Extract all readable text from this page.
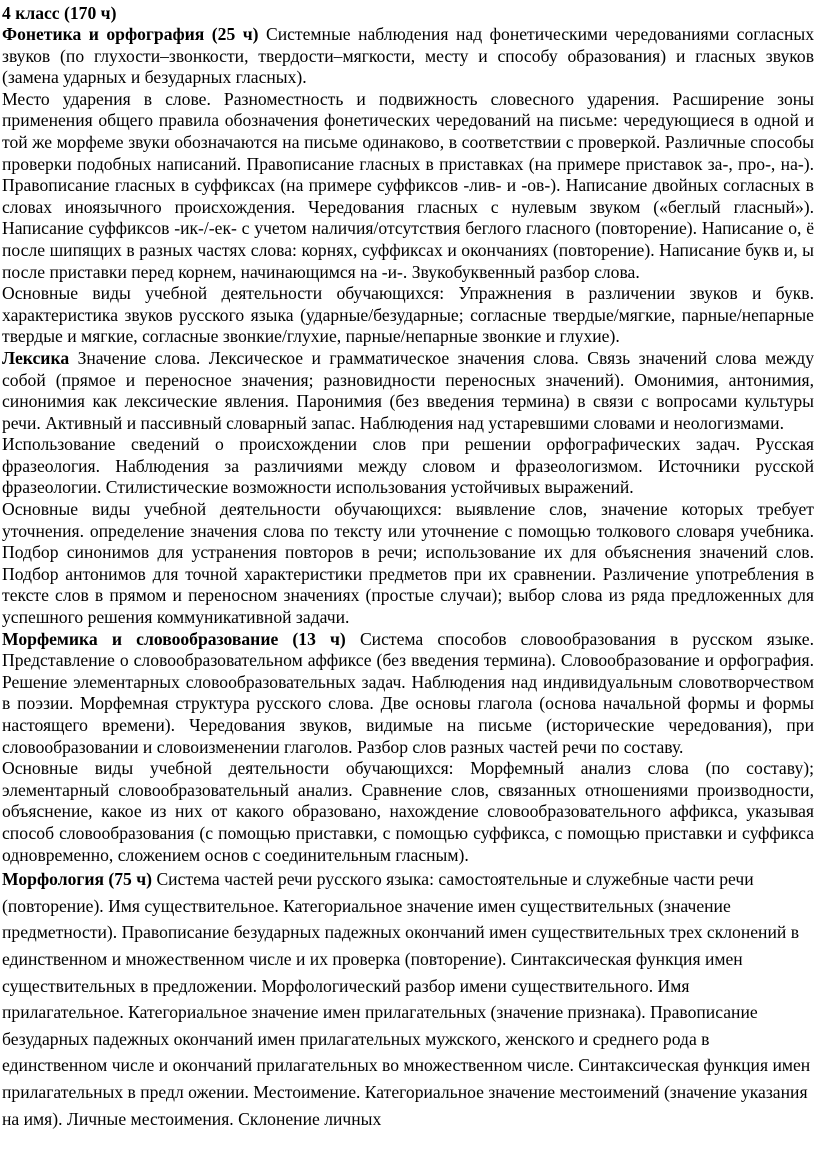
4 класс (170 ч)

Фонетика и орфография (25 ч) Системные наблюдения над фонетическими чередованиями согласных звуков (по глухости–звонкости, твердости–мягкости, месту и способу образования) и гласных звуков (замена ударных и безударных гласных).

Место ударения в слове. Разноместность и подвижность словесного ударения. Расширение зоны применения общего правила обозначения фонетических чередований на письме: чередующиеся в одной и той же морфеме звуки обозначаются на письме одинаково, в соответствии с проверкой. Различные способы проверки подобных написаний. Правописание гласных в приставках (на примере приставок за-, про-, на-). Правописание гласных в суффиксах (на примере суффиксов -лив- и -ов-). Написание двойных согласных в словах иноязычного происхождения. Чередования гласных с нулевым звуком («беглый гласный»). Написание суффиксов -ик-/-ек- с учетом наличия/отсутствия беглого гласного (повторение). Написание о, ё после шипящих в разных частях слова: корнях, суффиксах и окончаниях (повторение). Написание букв и, ы после приставки перед корнем, начинающимся на -и-. Звукобуквенный разбор слова.

Основные виды учебной деятельности обучающихся: Упражнения в различении звуков и букв. характеристика звуков русского языка (ударные/безударные; согласные твердые/мягкие, парные/непарные твердые и мягкие, согласные звонкие/глухие, парные/непарные звонкие и глухие).

Лексика Значение слова. Лексическое и грамматическое значения слова. Связь значений слова между собой (прямое и переносное значения; разновидности переносных значений). Омонимия, антонимия, синонимия как лексические явления. Паронимия (без введения термина) в связи с вопросами культуры речи. Активный и пассивный словарный запас. Наблюдения над устаревшими словами и неологизмами.

Использование сведений о происхождении слов при решении орфографических задач. Русская фразеология. Наблюдения за различиями между словом и фразеологизмом. Источники русской фразеологии. Стилистические возможности использования устойчивых выражений.

Основные виды учебной деятельности обучающихся: выявление слов, значение которых требует уточнения. определение значения слова по тексту или уточнение с помощью толкового словаря учебника. Подбор синонимов для устранения повторов в речи; использование их для объяснения значений слов. Подбор антонимов для точной характеристики предметов при их сравнении. Различение употребления в тексте слов в прямом и переносном значениях (простые случаи); выбор слова из ряда предложенных для успешного решения коммуникативной задачи.

Морфемика и словообразование (13 ч) Система способов словообразования в русском языке. Представление о словообразовательном аффиксе (без введения термина). Словообразование и орфография. Решение элементарных словообразовательных задач. Наблюдения над индивидуальным словотворчеством в поэзии. Морфемная структура русского слова. Две основы глагола (основа начальной формы и формы настоящего времени). Чередования звуков, видимые на письме (исторические чередования), при словообразовании и словоизменении глаголов. Разбор слов разных частей речи по составу.

Основные виды учебной деятельности обучающихся: Морфемный анализ слова (по составу); элементарный словообразовательный анализ. Сравнение слов, связанных отношениями производности, объяснение, какое из них от какого образовано, нахождение словообразовательного аффикса, указывая способ словообразования (с помощью приставки, с помощью суффикса, с помощью приставки и суффикса одновременно, сложением основ с соединительным гласным).

Морфология (75 ч) Система частей речи русского языка: самостоятельные и служебные части речи (повторение). Имя существительное. Категориальное значение имен существительных (значение предметности). Правописание безударных падежных окончаний имен существительных трех склонений в единственном и множественном числе и их проверка (повторение). Синтаксическая функция имен существительных в предложении. Морфологический разбор имени существительного. Имя прилагательное. Категориальное значение имен прилагательных (значение признака). Правописание безударных падежных окончаний имен прилагательных мужского, женского и среднего рода в единственном числе и окончаний прилагательных во множественном числе. Синтаксическая функция имен прилагательных в предл ожении. Местоимение. Категориальное значение местоимений (значение указания на имя). Личные местоимения. Склонение личных
